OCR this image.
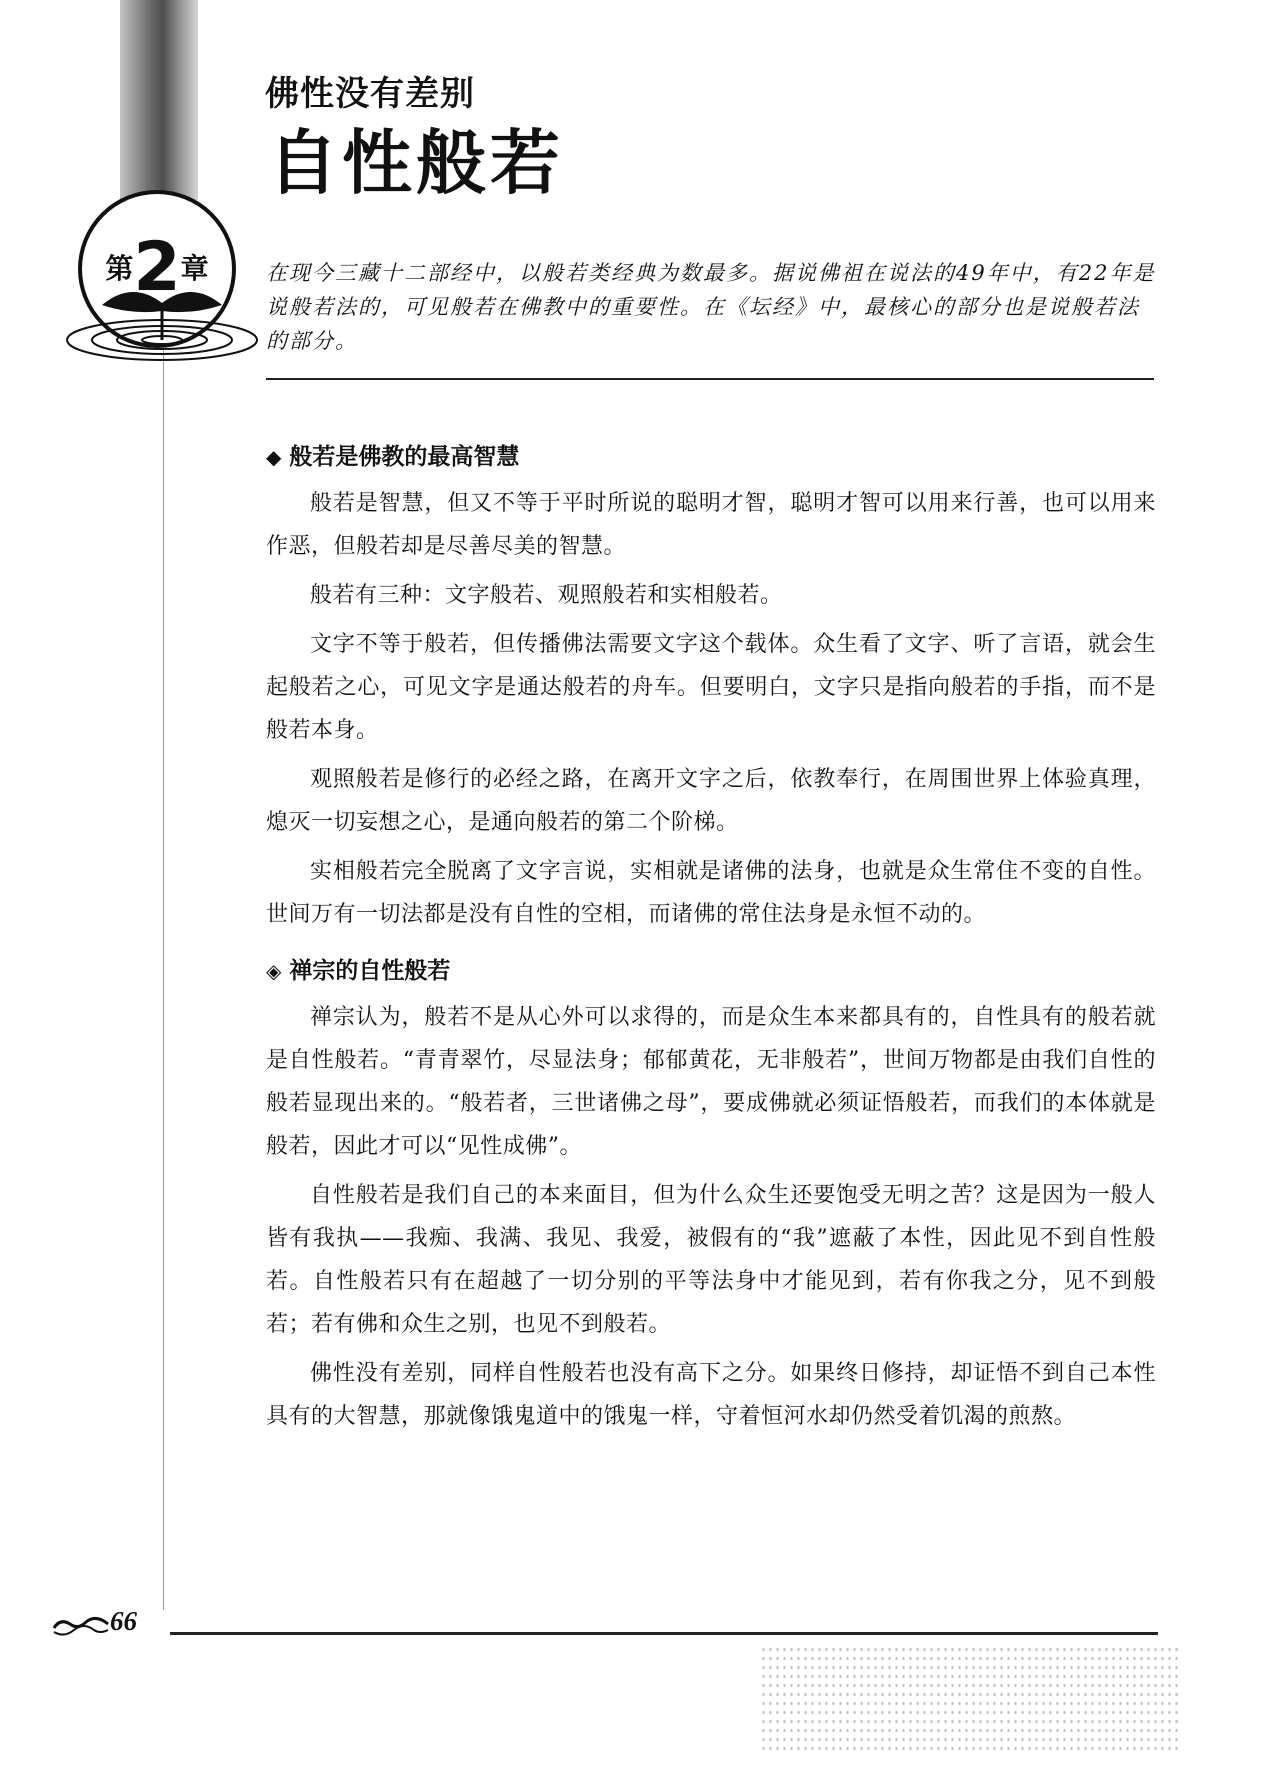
第2章
佛性没有差别
自性般若

在现今三藏十二部经中，以般若类经典为数最多。据说佛祖在说法的49年中，有22年是说般若法的，可见般若在佛教中的重要性。在《坛经》中，最核心的部分也是说般若法的部分。

◆ 般若是佛教的最高智慧

般若是智慧，但又不等于平时所说的聪明才智，聪明才智可以用来行善，也可以用来作恶，但般若却是尽善尽美的智慧。

般若有三种：文字般若、观照般若和实相般若。

文字不等于般若，但传播佛法需要文字这个载体。众生看了文字、听了言语，就会生起般若之心，可见文字是通达般若的舟车。但要明白，文字只是指向般若的手指，而不是般若本身。

观照般若是修行的必经之路，在离开文字之后，依教奉行，在周围世界上体验真理，熄灭一切妄想之心，是通向般若的第二个阶梯。

实相般若完全脱离了文字言说，实相就是诸佛的法身，也就是众生常住不变的自性。世间万有一切法都是没有自性的空相，而诸佛的常住法身是永恒不动的。

◈ 禅宗的自性般若

禅宗认为，般若不是从心外可以求得的，而是众生本来都具有的，自性具有的般若就是自性般若。“青青翠竹，尽显法身；郁郁黄花，无非般若”，世间万物都是由我们自性的般若显现出来的。“般若者，三世诸佛之母”，要成佛就必须证悟般若，而我们的本体就是般若，因此才可以“见性成佛”。

自性般若是我们自己的本来面目，但为什么众生还要饱受无明之苦？这是因为一般人皆有我执——我痴、我满、我见、我爱，被假有的“我”遮蔽了本性，因此见不到自性般若。自性般若只有在超越了一切分别的平等法身中才能见到，若有你我之分，见不到般若；若有佛和众生之别，也见不到般若。

佛性没有差别，同样自性般若也没有高下之分。如果终日修持，却证悟不到自己本性具有的大智慧，那就像饿鬼道中的饿鬼一样，守着恒河水却仍然受着饥渴的煎熬。

66
